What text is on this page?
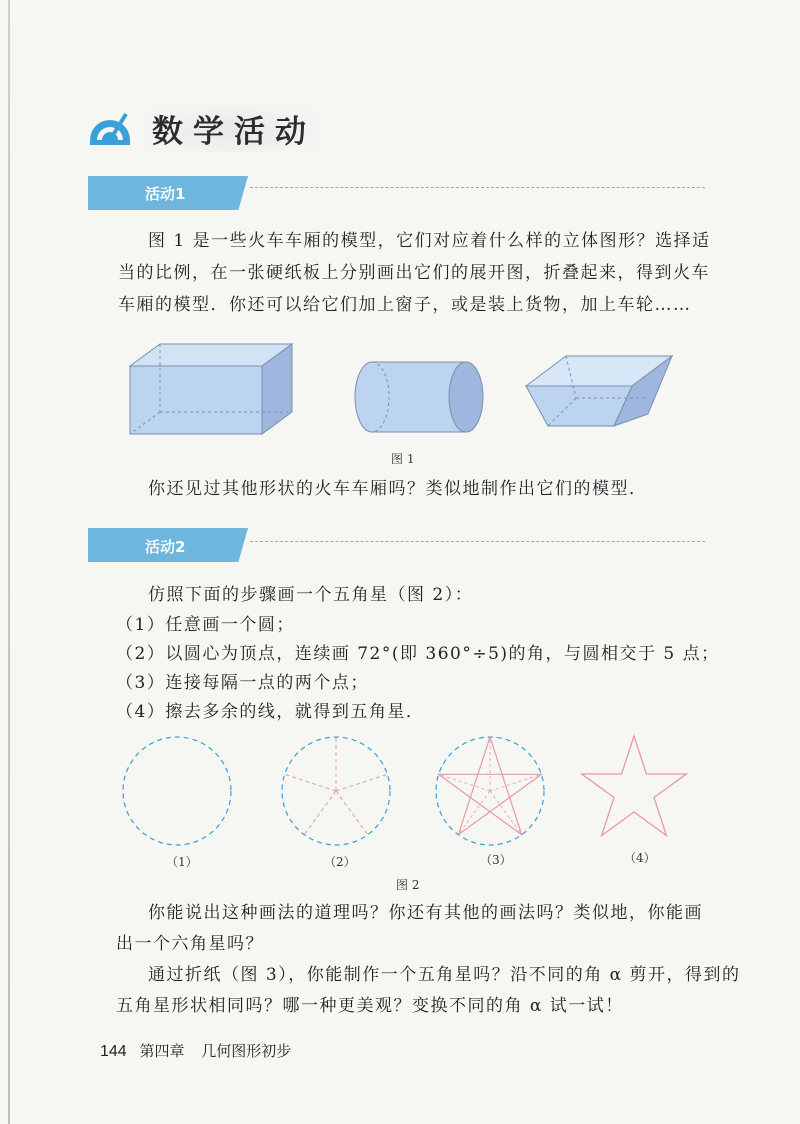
数学活动
活动1
图 1 是一些火车车厢的模型，它们对应着什么样的立体图形？选择适
当的比例，在一张硬纸板上分别画出它们的展开图，折叠起来，得到火车
车厢的模型．你还可以给它们加上窗子，或是装上货物，加上车轮……
图 1
你还见过其他形状的火车车厢吗？类似地制作出它们的模型．
活动2
仿照下面的步骤画一个五角星（图 2）：
（1）任意画一个圆；
（2）以圆心为顶点，连续画 72°(即 360°÷5)的角，与圆相交于 5 点；
（3）连接每隔一点的两个点；
（4）擦去多余的线，就得到五角星．
（1）	（2）	（3）	（4）
图 2
你能说出这种画法的道理吗？你还有其他的画法吗？类似地，你能画
出一个六角星吗？
通过折纸（图 3），你能制作一个五角星吗？沿不同的角 α 剪开，得到的
五角星形状相同吗？哪一种更美观？变换不同的角 α 试一试！
144 第四章 几何图形初步
